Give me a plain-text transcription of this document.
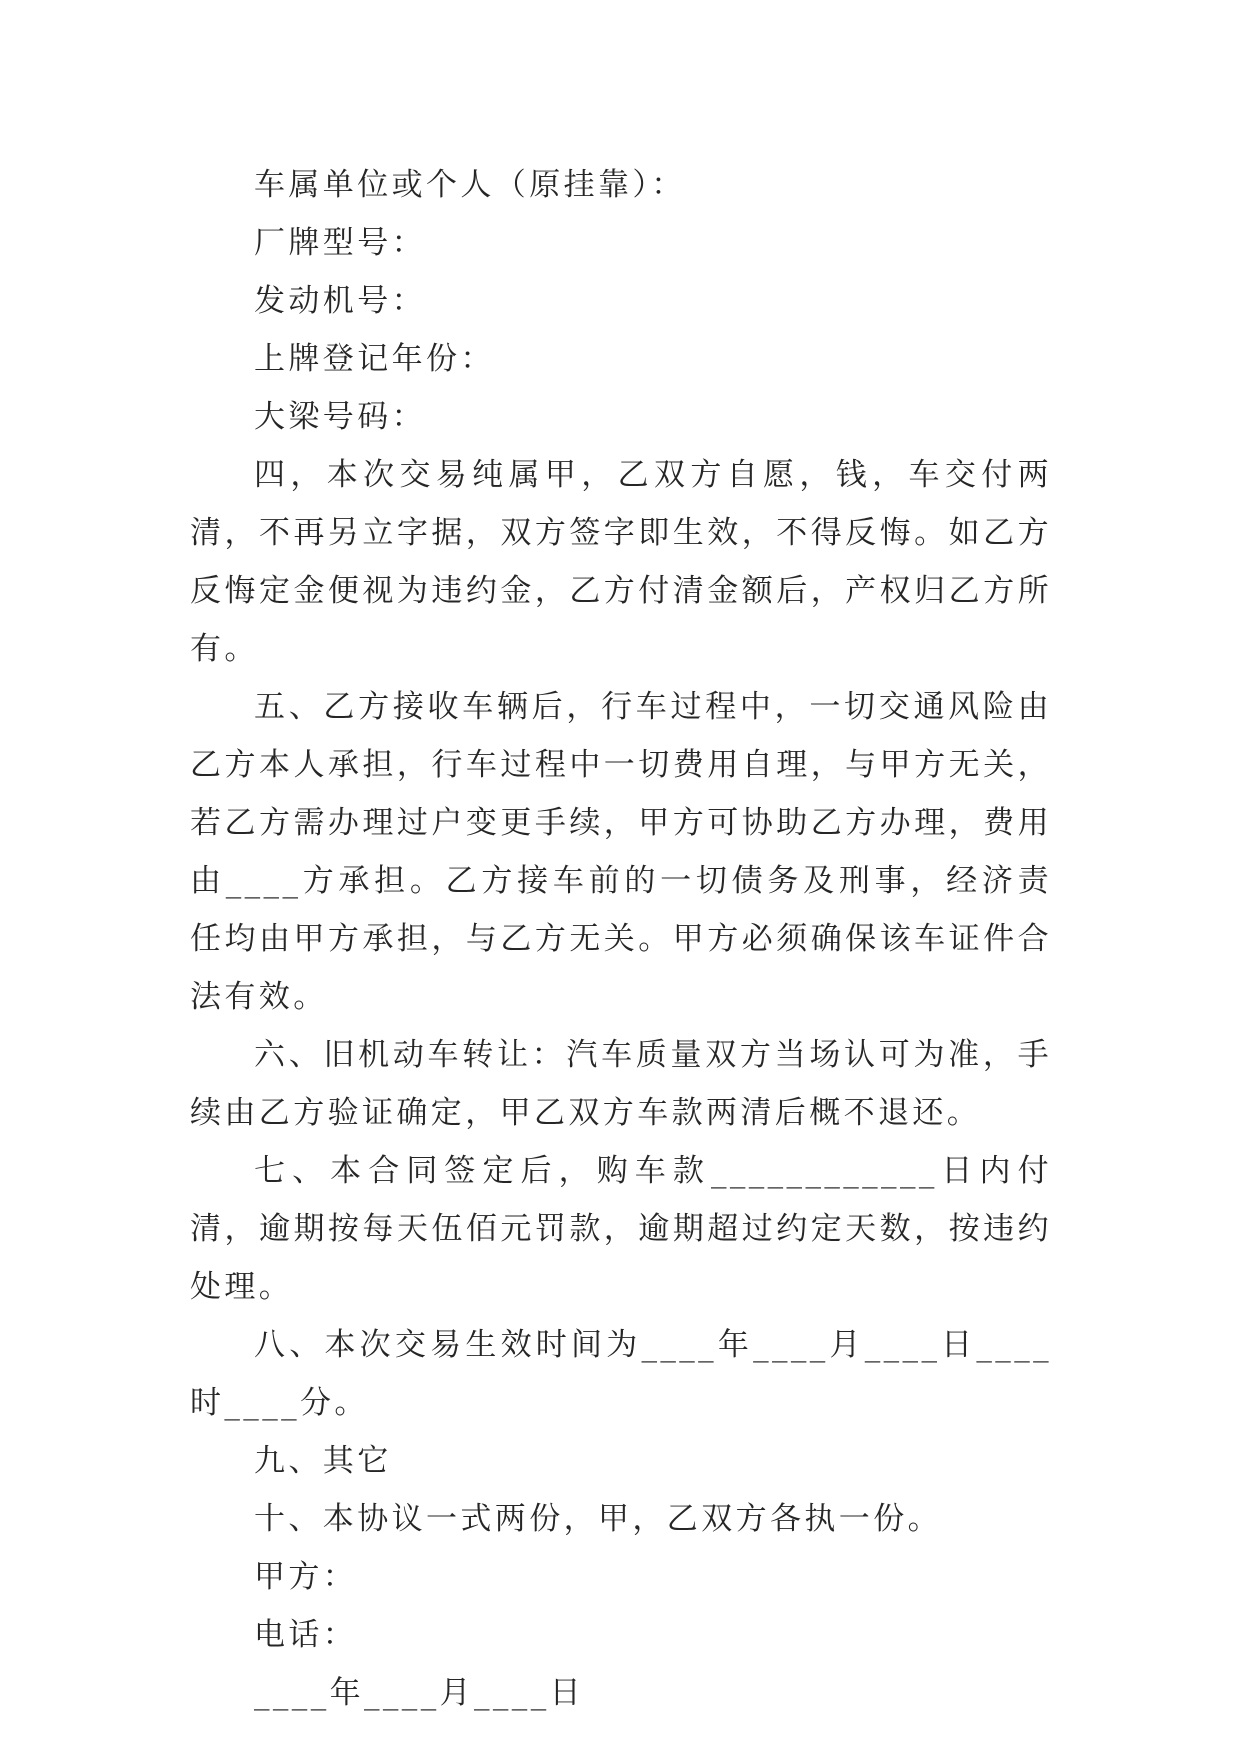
车属单位或个人（原挂靠）：

厂牌型号：

发动机号：

上牌登记年份：

大梁号码：

四，本次交易纯属甲，乙双方自愿，钱，车交付两清，不再另立字据，双方签字即生效，不得反悔。如乙方反悔定金便视为违约金，乙方付清金额后，产权归乙方所有。

五、乙方接收车辆后，行车过程中，一切交通风险由乙方本人承担，行车过程中一切费用自理，与甲方无关，若乙方需办理过户变更手续，甲方可协助乙方办理，费用由____方承担。乙方接车前的一切债务及刑事，经济责任均由甲方承担，与乙方无关。甲方必须确保该车证件合法有效。

六、旧机动车转让：汽车质量双方当场认可为准，手续由乙方验证确定，甲乙双方车款两清后概不退还。

七、本合同签定后，购车款____________日内付清，逾期按每天伍佰元罚款，逾期超过约定天数，按违约处理。

八、本次交易生效时间为____年____月____日____时____分。

九、其它

十、本协议一式两份，甲，乙双方各执一份。

甲方：

电话：

____年____月____日
